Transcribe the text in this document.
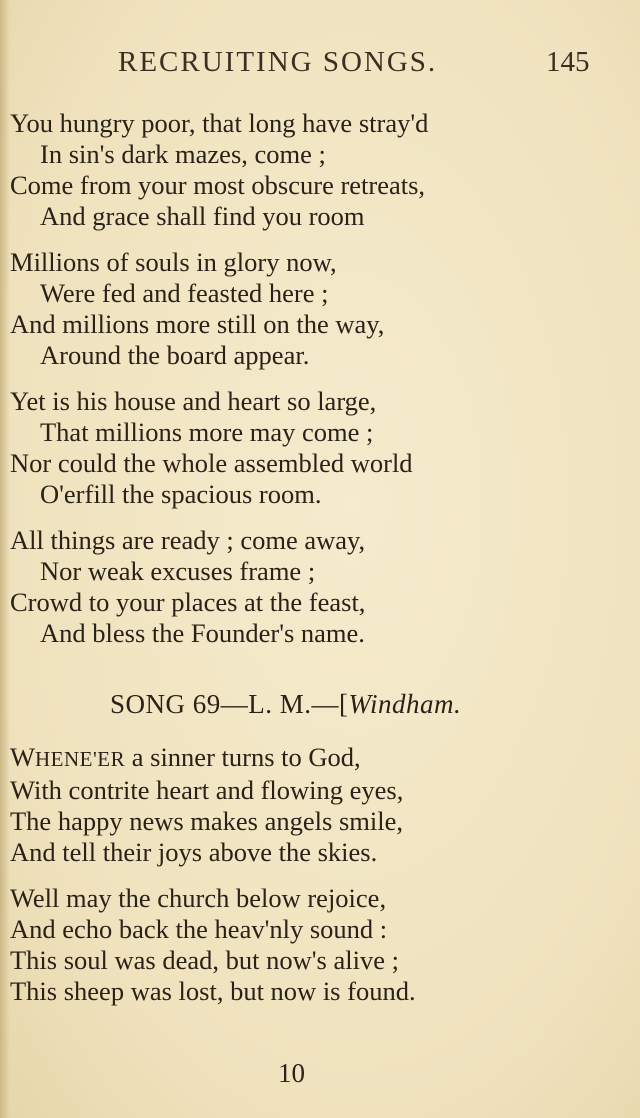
RECRUITING SONGS.	145
You hungry poor, that long have stray'd
In sin's dark mazes, come ;
Come from your most obscure retreats,
And grace shall find you room
Millions of souls in glory now,
Were fed and feasted here ;
And millions more still on the way,
Around the board appear.
Yet is his house and heart so large,
That millions more may come ;
Nor could the whole assembled world
O'erfill the spacious room.
All things are ready ; come away,
Nor weak excuses frame ;
Crowd to your places at the feast,
And bless the Founder's name.
SONG 69—L. M.—[Windham.
WHENE'ER a sinner turns to God,
With contrite heart and flowing eyes,
The happy news makes angels smile,
And tell their joys above the skies.
Well may the church below rejoice,
And echo back the heav'nly sound :
This soul was dead, but now's alive ;
This sheep was lost, but now is found.
10
